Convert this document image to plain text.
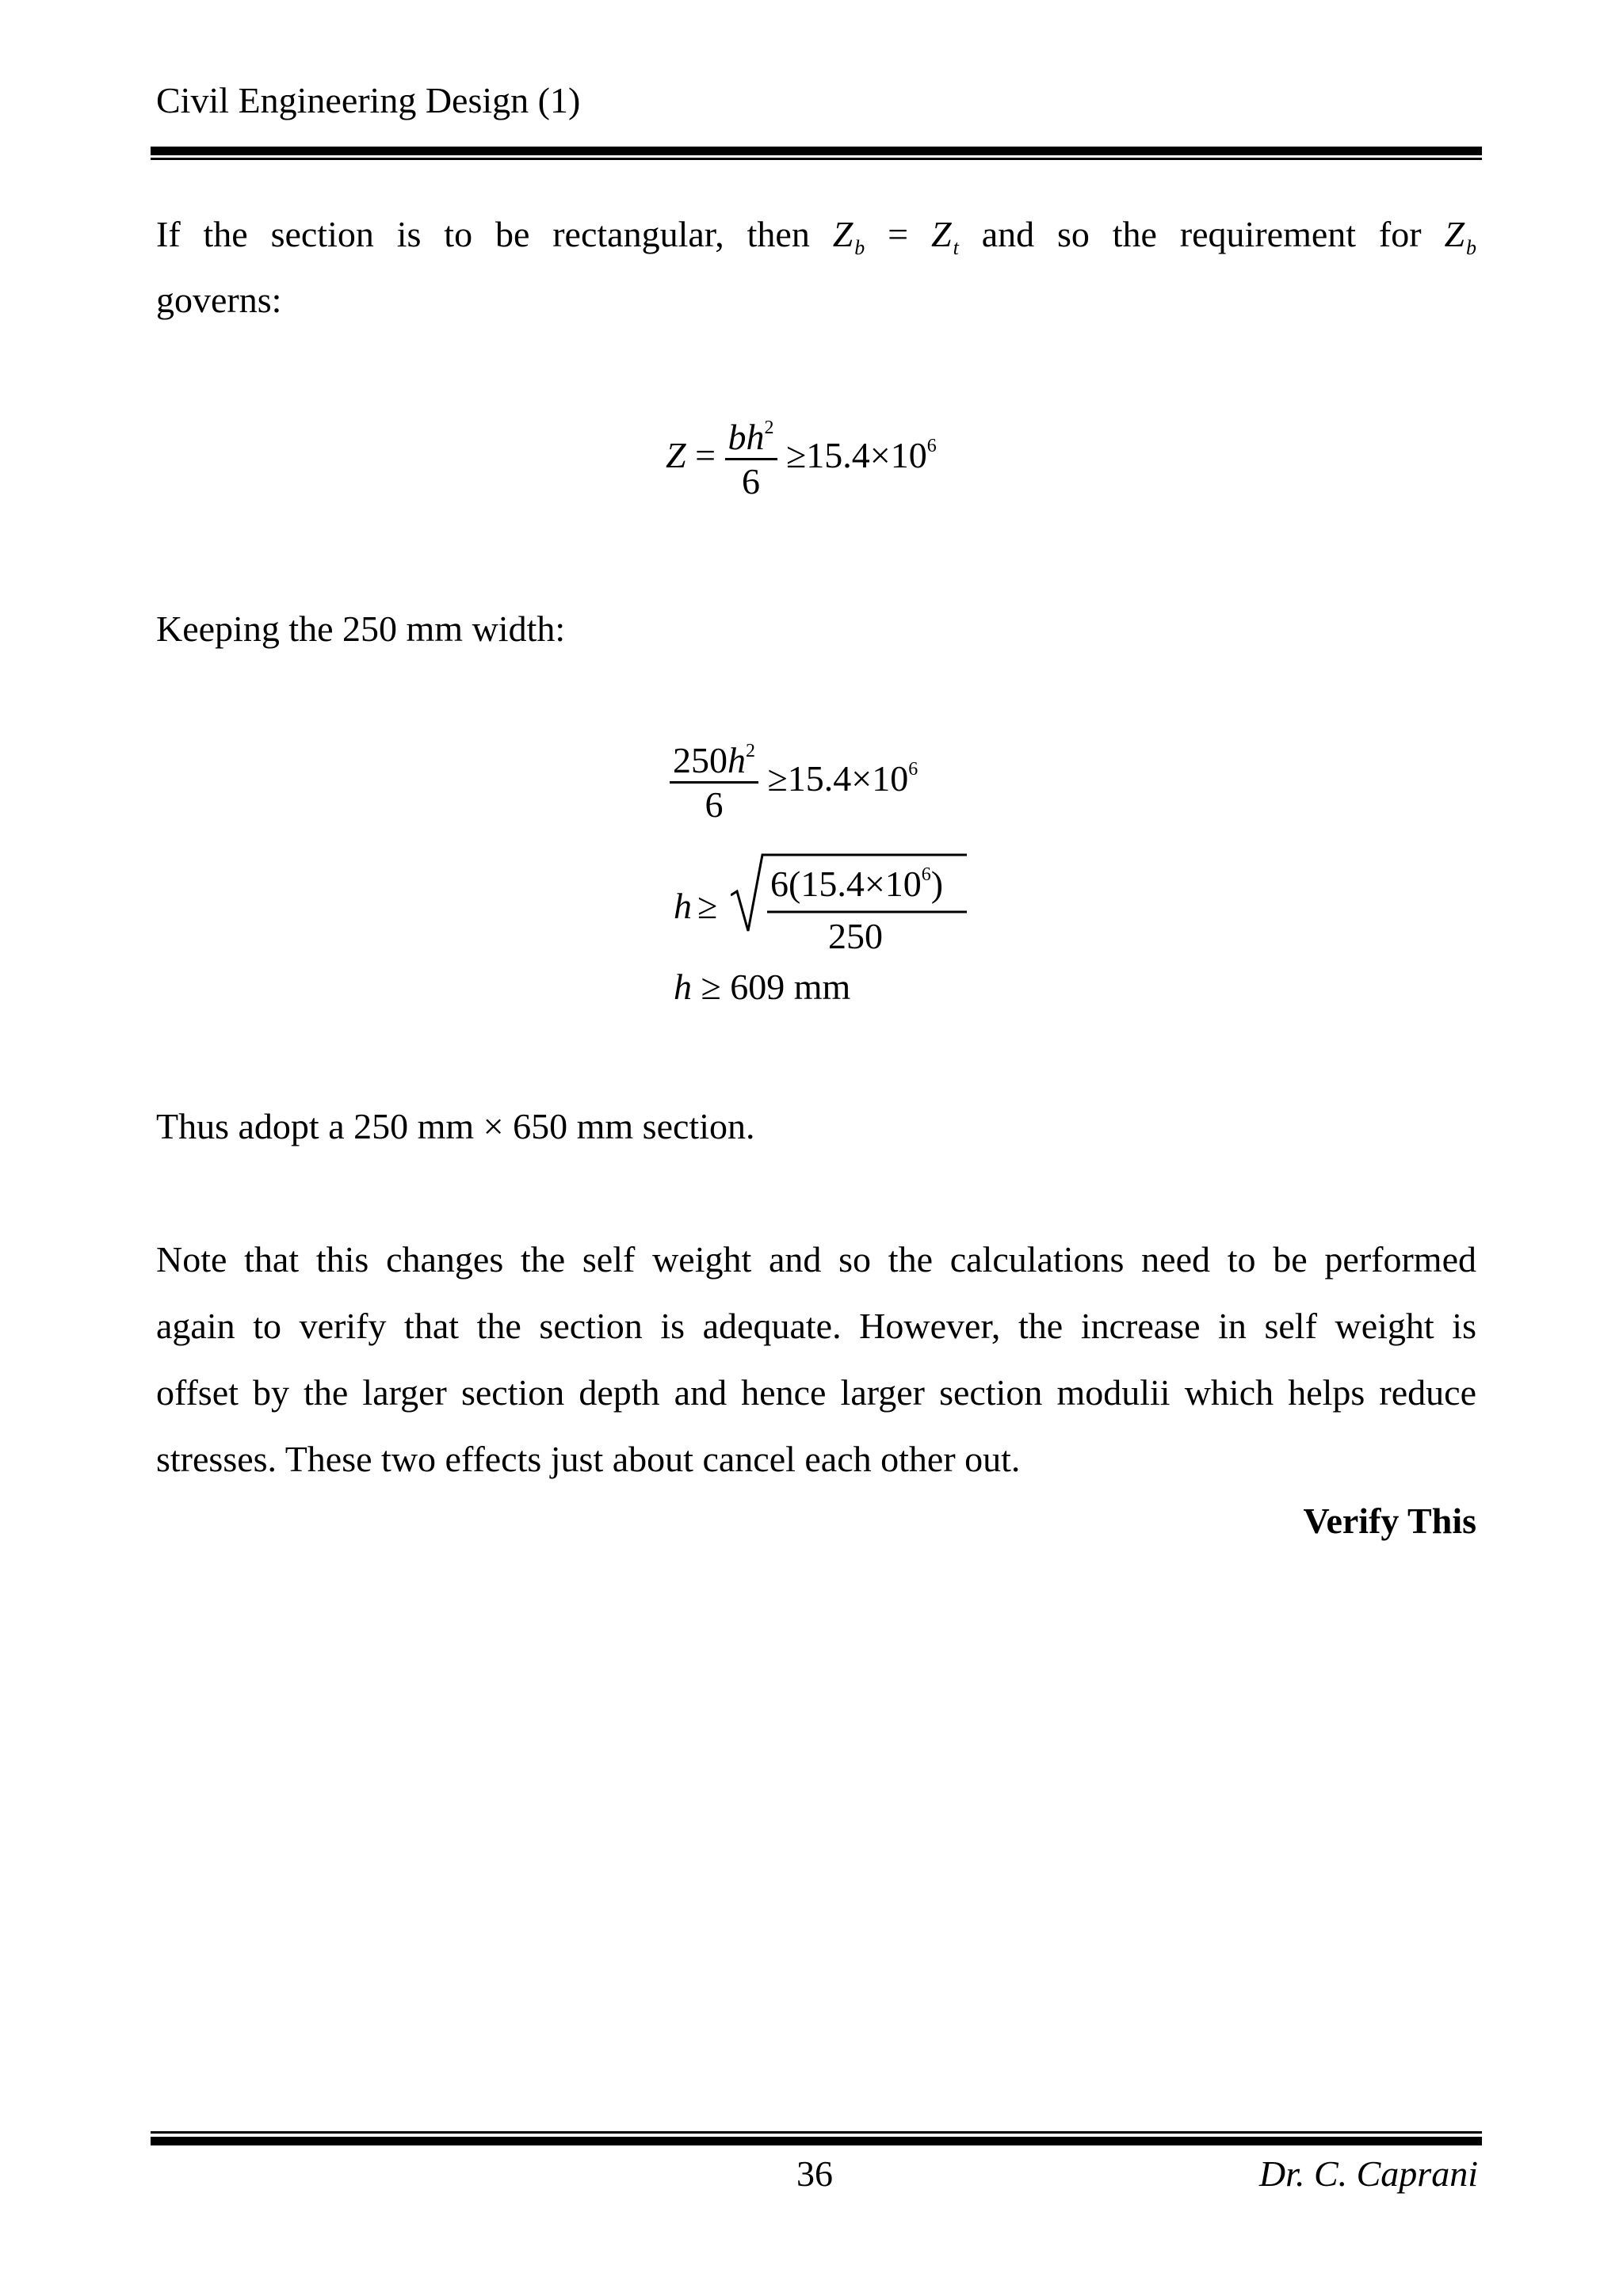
Civil Engineering Design (1)
If the section is to be rectangular, then $Z_b = Z_t$ and so the requirement for $Z_b$
governs:
$Z = \frac{bh^2}{6} \ge 15.4\times 10^6$
Keeping the 250 mm width:
$\frac{250h^2}{6} \ge 15.4\times 10^6$
h ≥
$6(15.4\times 10^6)$
250
h ≥ 609 mm
Thus adopt a 250 mm × 650 mm section.
Note that this changes the self weight and so the calculations need to be performed
again to verify that the section is adequate. However, the increase in self weight is
offset by the larger section depth and hence larger section modulii which helps reduce
stresses. These two effects just about cancel each other out.
Verify This
36	Dr. C. Caprani
